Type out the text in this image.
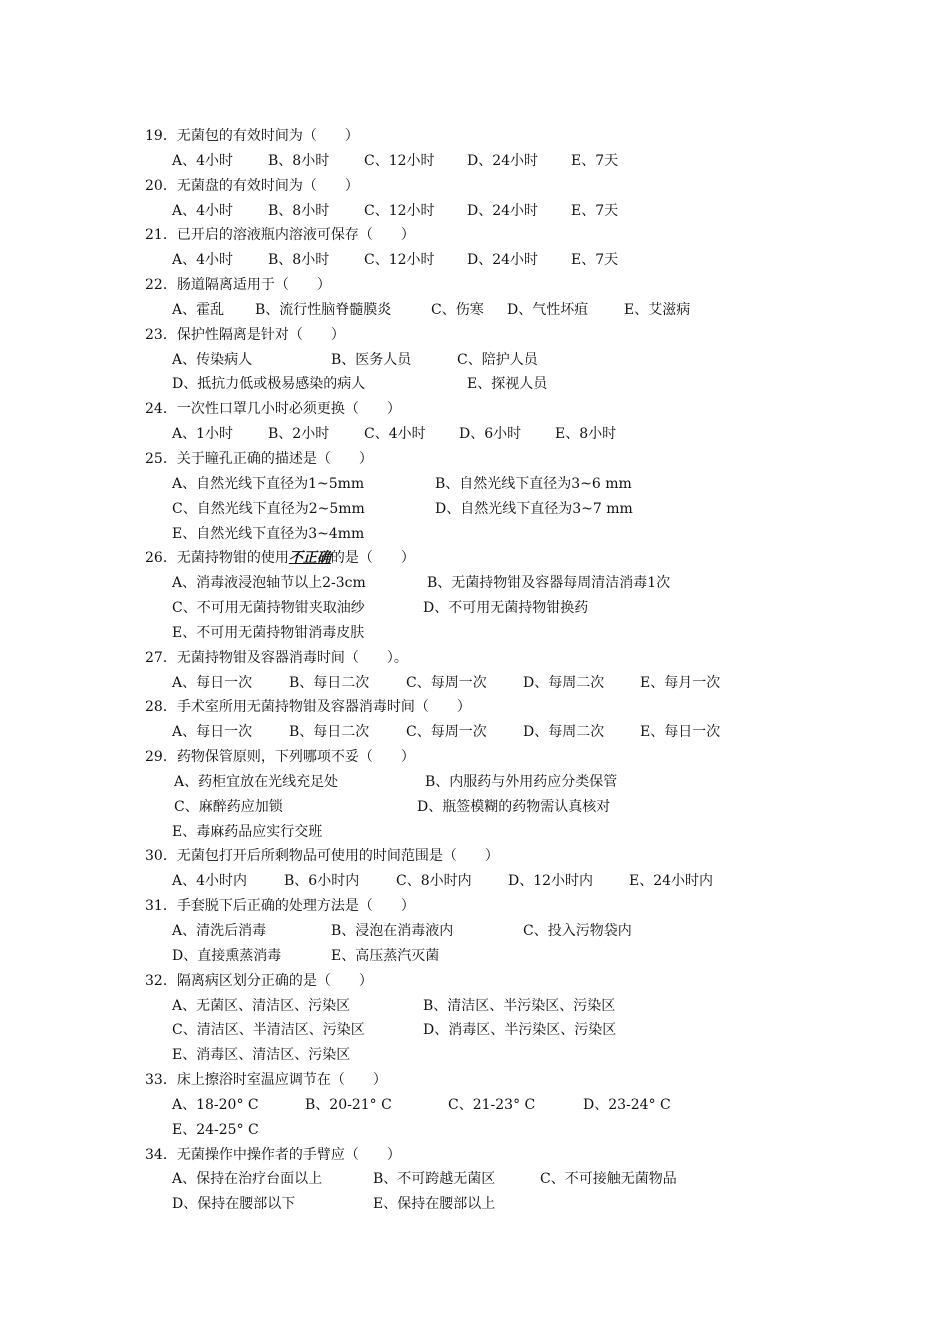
19．无菌包的有效时间为（　　）

A、4小时

B、8小时

C、12小时

D、24小时

E、7天

20．无菌盘的有效时间为（　　）

A、4小时

B、8小时

C、12小时

D、24小时

E、7天

21．已开启的溶液瓶内溶液可保存（　　）

A、4小时

B、8小时

C、12小时

D、24小时

E、7天

22．肠道隔离适用于（　　）

A、霍乱

B、流行性脑脊髓膜炎

	C、伤寒

D、气性坏疽

	E、艾滋病

23．保护性隔离是针对（　　）

A、传染病人

	B、医务人员

	C、陪护人员

D、抵抗力低或极易感染的病人

	E、探视人员

24．一次性口罩几小时必须更换（　　）

A、1小时

B、2小时

C、4小时

D、6小时

E、8小时

25．关于瞳孔正确的描述是（　　）

A、自然光线下直径为1~5mm

	B、自然光线下直径为3~6 mm

C、自然光线下直径为2~5mm

	D、自然光线下直径为3~7 mm

E、自然光线下直径为3~4mm

26．无菌持物钳的使用不正确的是（　　）

A、消毒液浸泡轴节以上2-3cm

	B、无菌持物钳及容器每周清洁消毒1次

C、不可用无菌持物钳夹取油纱

	D、不可用无菌持物钳换药

E、不可用无菌持物钳消毒皮肤

27．无菌持物钳及容器消毒时间（　　）。

A、每日一次

	B、每日二次

	C、每周一次

	D、每周二次

	E、每月一次

28．手术室所用无菌持物钳及容器消毒时间（　　）

A、每日一次

	B、每日二次

	C、每周一次

	D、每周二次

	E、每日一次

29．药物保管原则，下列哪项不妥（　　）

A、药柜宜放在光线充足处

	B、内服药与外用药应分类保管

C、麻醉药应加锁

	D、瓶签模糊的药物需认真核对

E、毒麻药品应实行交班

30．无菌包打开后所剩物品可使用的时间范围是（　　）

A、4小时内

	B、6小时内

	C、8小时内

	D、12小时内

	E、24小时内

31．手套脱下后正确的处理方法是（　　）

A、清洗后消毒

	B、浸泡在消毒液内

	C、投入污物袋内

D、直接熏蒸消毒

	E、高压蒸汽灭菌

32．隔离病区划分正确的是（　　）

A、无菌区、清洁区、污染区

	B、清洁区、半污染区、污染区

C、清洁区、半清洁区、污染区

	D、消毒区、半污染区、污染区

E、消毒区、清洁区、污染区

33．床上擦浴时室温应调节在（　　）

A、18-20° C

	B、20-21° C

	C、21-23° C

	D、23-24° C

E、24-25° C

34．无菌操作中操作者的手臂应（　　）

A、保持在治疗台面以上

	B、不可跨越无菌区

	C、不可接触无菌物品

D、保持在腰部以下

	E、保持在腰部以上
